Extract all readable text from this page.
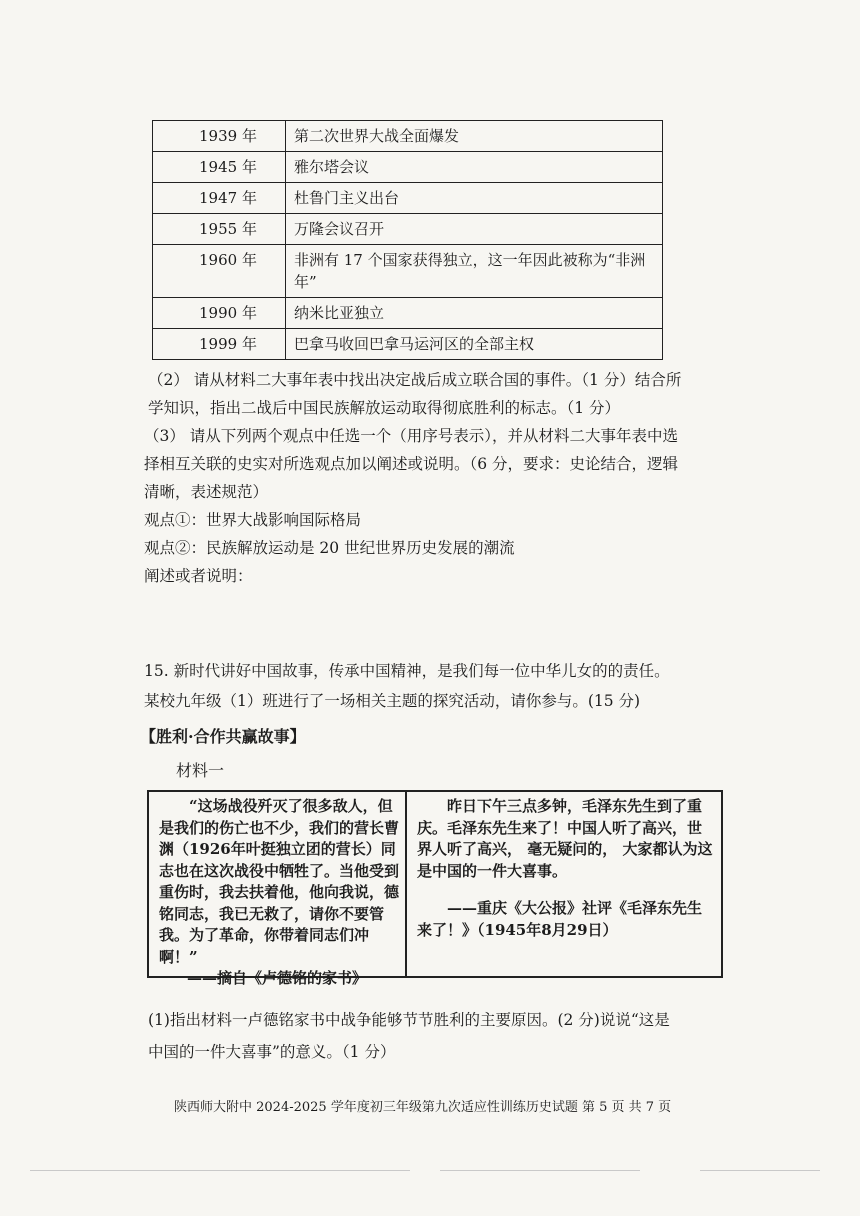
1939 年	第二次世界大战全面爆发
1945 年	雅尔塔会议
1947 年	杜鲁门主义出台
1955 年	万隆会议召开
1960 年	非洲有 17 个国家获得独立，这一年因此被称为“非洲年”
1990 年	纳米比亚独立
1999 年	巴拿马收回巴拿马运河区的全部主权

（2） 请从材料二大事年表中找出决定战后成立联合国的事件。（1 分）结合所

学知识，指出二战后中国民族解放运动取得彻底胜利的标志。（1 分）

（3） 请从下列两个观点中任选一个（用序号表示），并从材料二大事年表中选

择相互关联的史实对所选观点加以阐述或说明。（6 分，要求：史论结合，逻辑

清晰，表述规范）

观点①：世界大战影响国际格局

观点②：民族解放运动是 20 世纪世界历史发展的潮流

阐述或者说明：

15. 新时代讲好中国故事，传承中国精神，是我们每一位中华儿女的的责任。

某校九年级（1）班进行了一场相关主题的探究活动，请你参与。(15 分)

【胜利·合作共赢故事】
材料一
“这场战役歼灭了很多敌人，但是我们的伤亡也不少，我们的营长曹渊（1926年叶挺独立团的营长）同志也在这次战役中牺牲了。当他受到重伤时，我去扶着他，他向我说，德铭同志，我已无救了，请你不要管我。为了革命，你带着同志们冲啊！”
——摘自《卢德铭的家书》
昨日下午三点多钟，毛泽东先生到了重庆。毛泽东先生来了！中国人听了高兴，世界人听了高兴， 毫无疑问的， 大家都认为这是中国的一件大喜事。
——重庆《大公报》社评《毛泽东先生来了！》（1945年8月29日）

(1)指出材料一卢德铭家书中战争能够节节胜利的主要原因。(2 分)说说“这是

中国的一件大喜事”的意义。（1 分）

陕西师大附中 2024-2025 学年度初三年级第九次适应性训练历史试题 第 5 页 共 7 页
